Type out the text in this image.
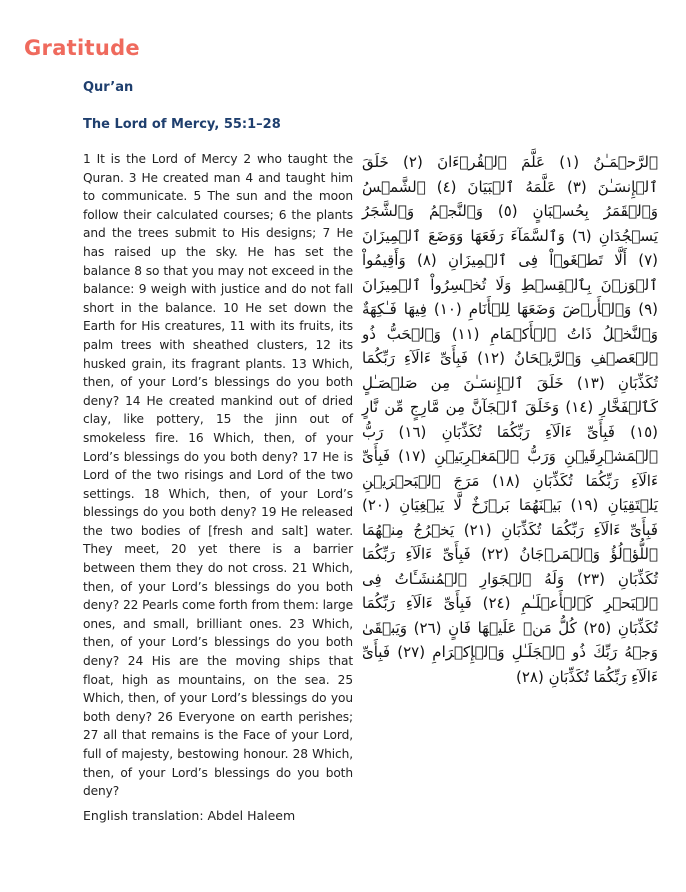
Gratitude
Qur’an
The Lord of Mercy, 55:1–28
1 It is the Lord of Mercy 2 who taught the Quran. 3 He created man 4 and taught him to communicate. 5 The sun and the moon follow their calculated courses; 6 the plants and the trees submit to His designs; 7 He has raised up the sky. He has set the balance 8 so that you may not exceed in the balance: 9 weigh with justice and do not fall short in the balance. 10 He set down the Earth for His creatures, 11 with its fruits, its palm trees with sheathed clusters, 12 its husked grain, its fragrant plants. 13 Which, then, of your Lord’s blessings do you both deny? 14 He created mankind out of dried clay, like pottery, 15 the jinn out of smokeless fire. 16 Which, then, of your Lord’s blessings do you both deny? 17 He is Lord of the two risings and Lord of the two settings. 18 Which, then, of your Lord’s blessings do you both deny? 19 He released the two bodies of [fresh and salt] water. They meet, 20 yet there is a barrier between them they do not cross. 21 Which, then, of your Lord’s blessings do you both deny? 22 Pearls come forth from them: large ones, and small, brilliant ones. 23 Which, then, of your Lord’s blessings do you both deny? 24 His are the moving ships that float, high as mountains, on the sea. 25 Which, then, of your Lord’s blessings do you both deny? 26 Everyone on earth perishes; 27 all that remains is the Face of your Lord, full of majesty, bestowing honour. 28 Which, then, of your Lord’s blessings do you both deny?
ٱلرَّحۡمَـٰنُ (١) عَلَّمَ ٱلۡقُرۡءَانَ (٢) خَلَقَ ٱلۡإِنسَـٰنَ (٣) عَلَّمَهُ ٱلۡبَيَانَ (٤) ٱلشَّمۡسُ وَٱلۡقَمَرُ بِحُسۡبَانٍ (٥) وَٱلنَّجۡمُ وَٱلشَّجَرُ يَسۡجُدَانِ (٦) وَٱلسَّمَآءَ رَفَعَهَا وَوَضَعَ ٱلۡمِيزَانَ (٧) أَلَّا تَطۡغَوۡاْ فِى ٱلۡمِيزَانِ (٨) وَأَقِيمُواْ ٱلۡوَزۡنَ بِٱلۡقِسۡطِ وَلَا تُخۡسِرُواْ ٱلۡمِيزَانَ (٩) وَٱلۡأَرۡضَ وَضَعَهَا لِلۡأَنَامِ (١٠) فِيهَا فَـٰكِهَةٌ وَٱلنَّخۡلُ ذَاتُ ٱلۡأَكۡمَامِ (١١) وَٱلۡحَبُّ ذُو ٱلۡعَصۡفِ وَٱلرَّيۡحَانُ (١٢) فَبِأَىِّ ءَالَآءِ رَبِّكُمَا تُكَذِّبَانِ (١٣) خَلَقَ ٱلۡإِنسَـٰنَ مِن صَلۡصَـٰلٍ كَٱلۡفَخَّارِ (١٤) وَخَلَقَ ٱلۡجَآنَّ مِن مَّارِجٍ مِّن نَّارٍ (١٥) فَبِأَىِّ ءَالَآءِ رَبِّكُمَا تُكَذِّبَانِ (١٦) رَبُّ ٱلۡمَشۡرِقَيۡنِ وَرَبُّ ٱلۡمَغۡرِبَيۡنِ (١٧) فَبِأَىِّ ءَالَآءِ رَبِّكُمَا تُكَذِّبَانِ (١٨) مَرَجَ ٱلۡبَحۡرَيۡنِ يَلۡتَقِيَانِ (١٩) بَيۡنَهُمَا بَرۡزَخٌ لَّا يَبۡغِيَانِ (٢٠) فَبِأَىِّ ءَالَآءِ رَبِّكُمَا تُكَذِّبَانِ (٢١) يَخۡرُجُ مِنۡهُمَا ٱللُّؤۡلُؤُ وَٱلۡمَرۡجَانُ (٢٢) فَبِأَىِّ ءَالَآءِ رَبِّكُمَا تُكَذِّبَانِ (٢٣) وَلَهُ ٱلۡجَوَارِ ٱلۡمُنشَـَٔاتُ فِى ٱلۡبَحۡرِ كَٱلۡأَعۡلَـٰمِ (٢٤) فَبِأَىِّ ءَالَآءِ رَبِّكُمَا تُكَذِّبَانِ (٢٥) كُلُّ مَنۡ عَلَيۡهَا فَانٍ (٢٦) وَيَبۡقَىٰ وَجۡهُ رَبِّكَ ذُو ٱلۡجَلَـٰلِ وَٱلۡإِكۡرَامِ (٢٧) فَبِأَىِّ ءَالَآءِ رَبِّكُمَا تُكَذِّبَانِ (٢٨)
English translation: Abdel Haleem
